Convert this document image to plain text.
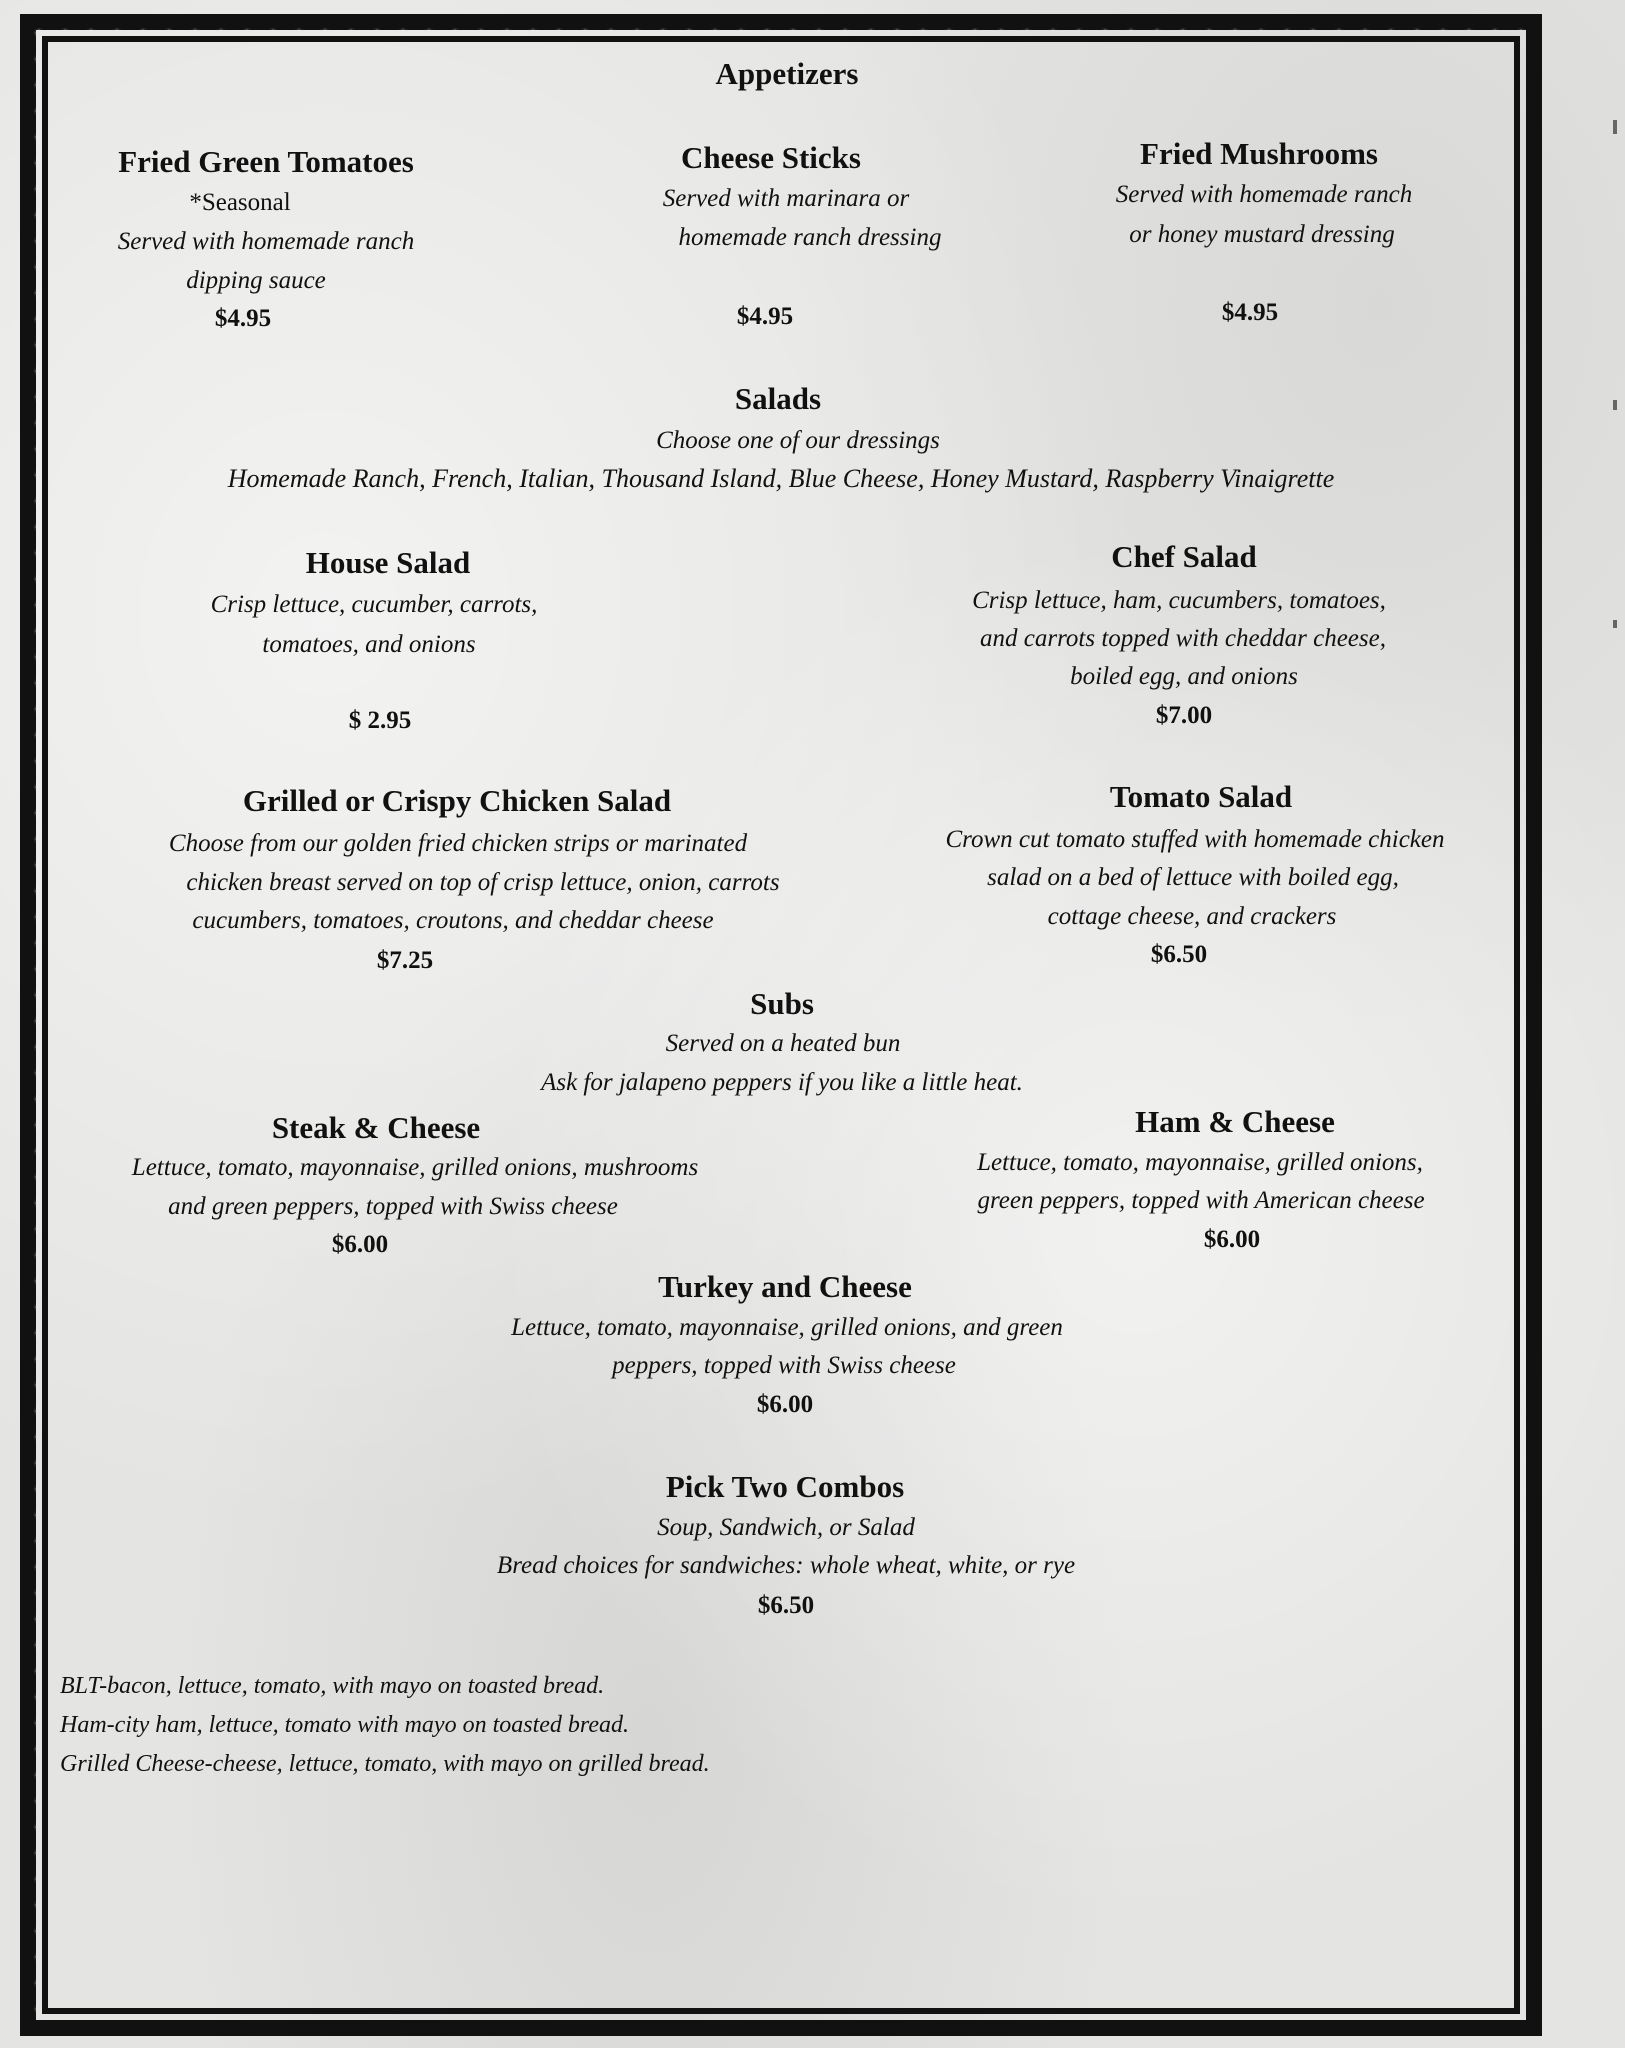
Appetizers
Fried Green Tomatoes
*Seasonal
Served with homemade ranch
dipping sauce
$4.95
Cheese Sticks
Served with marinara or
homemade ranch dressing
$4.95
Fried Mushrooms
Served with homemade ranch
or honey mustard dressing
$4.95
Salads
Choose one of our dressings
Homemade Ranch, French, Italian, Thousand Island, Blue Cheese, Honey Mustard, Raspberry Vinaigrette
House Salad
Crisp lettuce, cucumber, carrots,
tomatoes, and onions
$ 2.95
Chef Salad
Crisp lettuce, ham, cucumbers, tomatoes,
and carrots topped with cheddar cheese,
boiled egg, and onions
$7.00
Grilled or Crispy Chicken Salad
Choose from our golden fried chicken strips or marinated
chicken breast served on top of crisp lettuce, onion, carrots
cucumbers, tomatoes, croutons, and cheddar cheese
$7.25
Tomato Salad
Crown cut tomato stuffed with homemade chicken
salad on a bed of lettuce with boiled egg,
cottage cheese, and crackers
$6.50
Subs
Served on a heated bun
Ask for jalapeno peppers if you like a little heat.
Steak & Cheese
Lettuce, tomato, mayonnaise, grilled onions, mushrooms
and green peppers, topped with Swiss cheese
$6.00
Ham & Cheese
Lettuce, tomato, mayonnaise, grilled onions,
green peppers, topped with American cheese
$6.00
Turkey and Cheese
Lettuce, tomato, mayonnaise, grilled onions, and green
peppers, topped with Swiss cheese
$6.00
Pick Two Combos
Soup, Sandwich, or Salad
Bread choices for sandwiches: whole wheat, white, or rye
$6.50
BLT-bacon, lettuce, tomato, with mayo on toasted bread.
Ham-city ham, lettuce, tomato with mayo on toasted bread.
Grilled Cheese-cheese, lettuce, tomato, with mayo on grilled bread.
